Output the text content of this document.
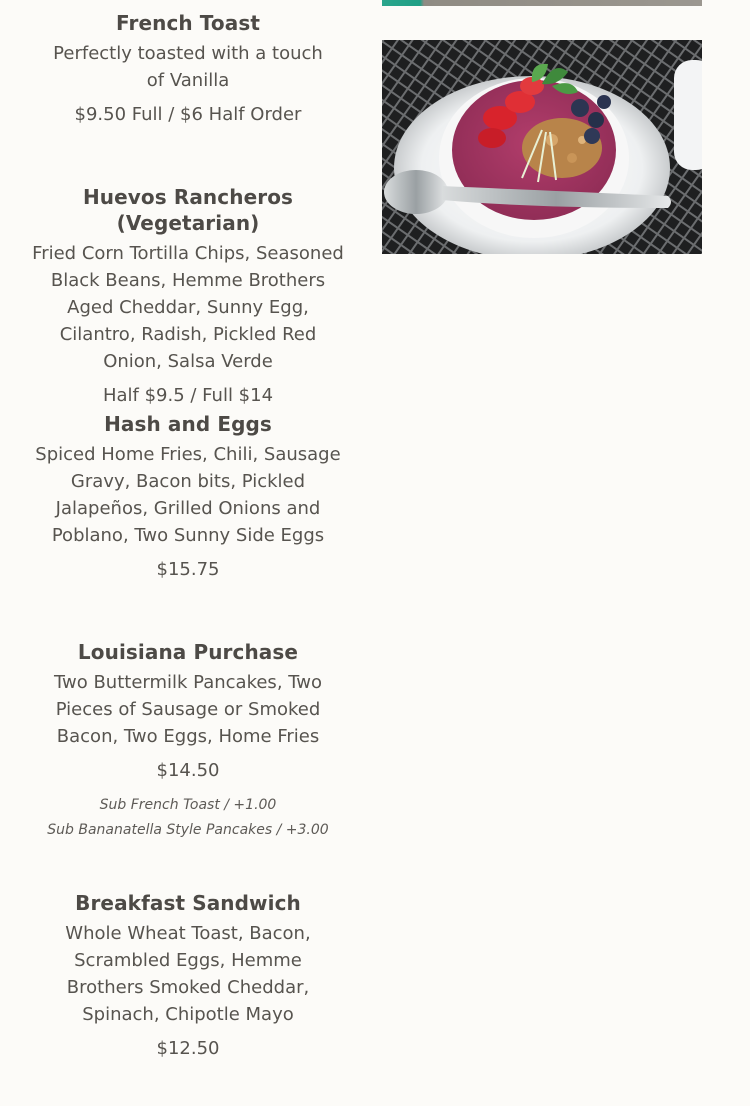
French Toast

Perfectly toasted with a touch of Vanilla

$9.50 Full / $6 Half Order

Huevos Rancheros (Vegetarian)

Fried Corn Tortilla Chips, Seasoned Black Beans, Hemme Brothers Aged Cheddar, Sunny Egg, Cilantro, Radish, Pickled Red Onion, Salsa Verde

Half $9.5 / Full $14

Hash and Eggs

Spiced Home Fries, Chili, Sausage Gravy, Bacon bits, Pickled Jalapeños, Grilled Onions and Poblano, Two Sunny Side Eggs

$15.75

Louisiana Purchase

Two Buttermilk Pancakes, Two Pieces of Sausage or Smoked Bacon, Two Eggs, Home Fries

$14.50

Sub French Toast / +1.00

Sub Bananatella Style Pancakes / +3.00

Breakfast Sandwich

Whole Wheat Toast, Bacon, Scrambled Eggs, Hemme Brothers Smoked Cheddar, Spinach, Chipotle Mayo

$12.50
